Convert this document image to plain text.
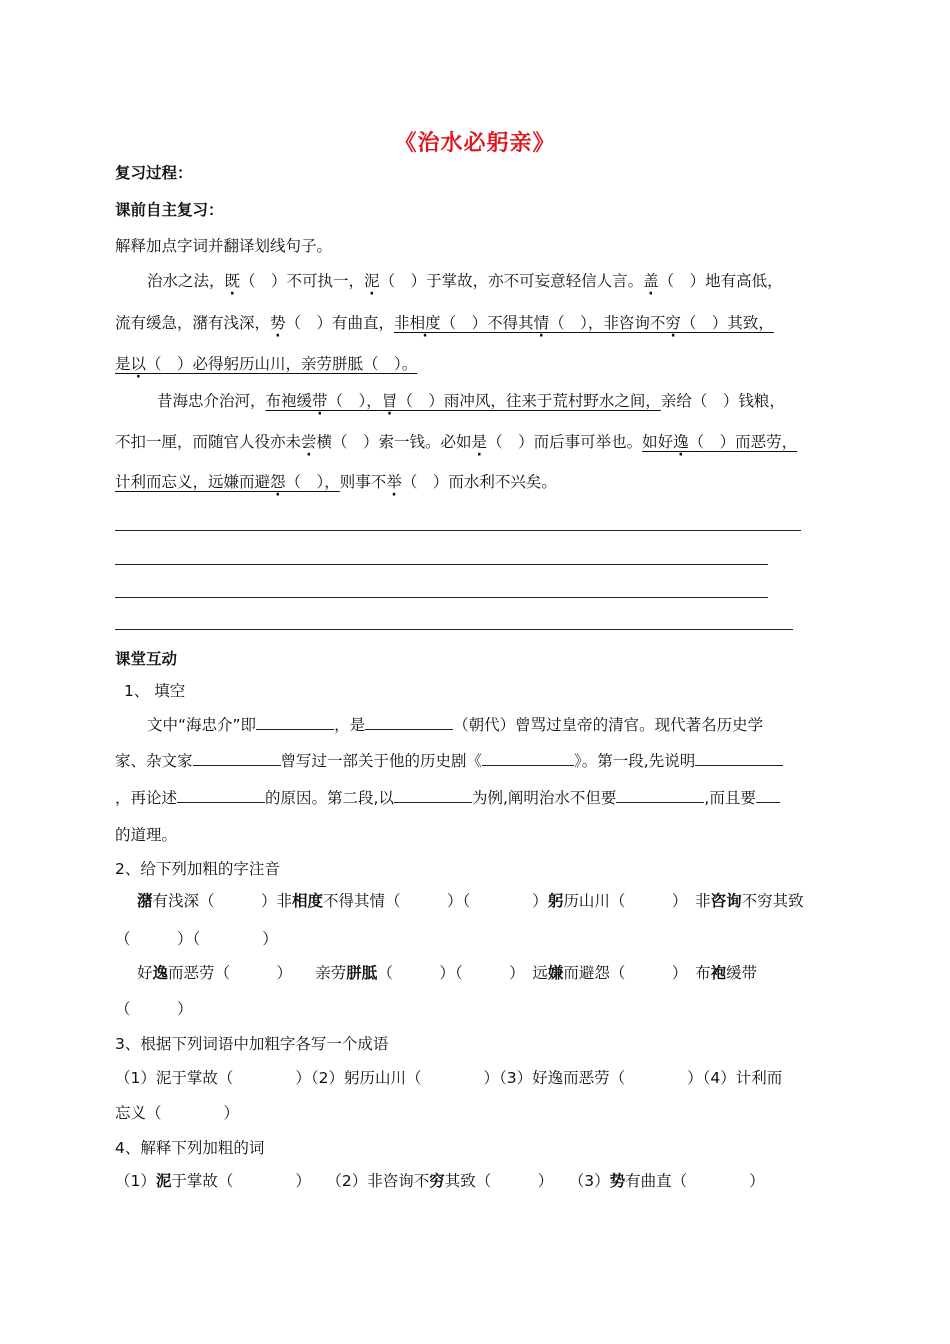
《治水必躬亲》
复习过程：
课前自主复习：
解释加点字词并翻译划线句子。
治水之法，既（　）不可执一，泥（　）于掌故，亦不可妄意轻信人言。盖（　）地有高低，
流有缓急，潴有浅深，势（　）有曲直，非相度（　）不得其情（　），非咨询不穷（　）其致，
是以（　）必得躬历山川，亲劳胼胝（　）。
昔海忠介治河，布袍缓带（　），冒（　）雨冲风，往来于荒村野水之间，亲给（　）钱粮，
不扣一厘，而随官人役亦未尝横（　）索一钱。必如是（　）而后事可举也。如好逸（　）而恶劳，
计利而忘义，远嫌而避怨（　），则事不举（　）而水利不兴矣。
课堂互动
1、 填空
文中“海忠介”即	，是	（朝代）曾骂过皇帝的清官。现代著名历史学
家、杂文家	曾写过一部关于他的历史剧《	》。第一段,先说明
，再论述	的原因。第二段,以	为例,阐明治水不但要	,而且要
的道理。
2、给下列加粗的字注音
潴有浅深（　　　）非相度不得其情（　　　）（　　　　）躬历山川（　　　）　非咨询不穷其致
（　　　）（　　　　）
好逸而恶劳（　　　）　　亲劳胼胝（　　　）（　　　）　远嫌而避怨（　　　）　布袍缓带
（　　　）
3、根据下列词语中加粗字各写一个成语
（1）泥于掌故（　　　　）（2）躬历山川（　　　　）（3）好逸而恶劳（　　　　）（4）计利而
忘义（　　　　）
4、解释下列加粗的词
（1）泥于掌故（　　　　）　　（2）非咨询不穷其致（　　　）　　（3）势有曲直（　　　　）
